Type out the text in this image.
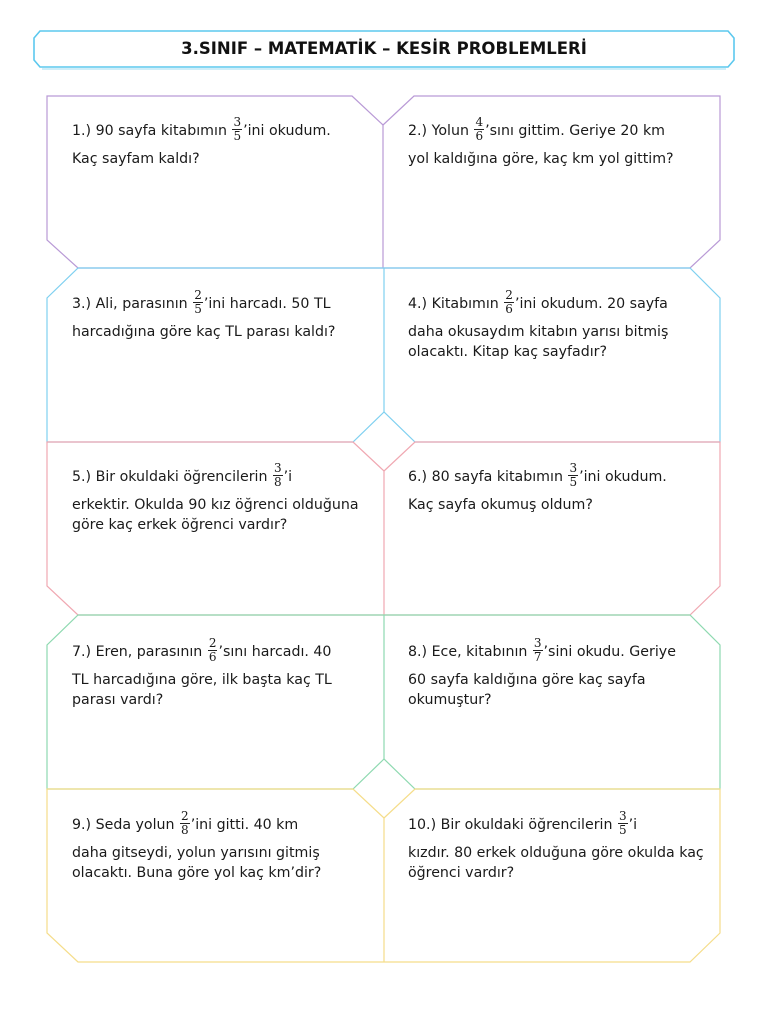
3.SINIF – MATEMATİK – KESİR PROBLEMLERİ
1.) 90 sayfa kitabımın $\frac{3}{5}$ ’ini okudum.
Kaç sayfam kaldı?
2.) Yolun $\frac{4}{6}$ ’sını gittim. Geriye 20 km
yol kaldığına göre, kaç km yol gittim?
3.) Ali, parasının $\frac{2}{5}$ ’ini harcadı. 50 TL
harcadığına göre kaç TL parası kaldı?
4.) Kitabımın $\frac{2}{6}$ ’ini okudum. 20 sayfa
daha okusaydım kitabın yarısı bitmiş olacaktı. Kitap kaç sayfadır?
5.) Bir okuldaki öğrencilerin $\frac{3}{8}$ ’i
erkektir. Okulda 90 kız öğrenci olduğuna göre kaç erkek öğrenci vardır?
6.) 80 sayfa kitabımın $\frac{3}{5}$ ’ini okudum.
Kaç sayfa okumuş oldum?
7.) Eren, parasının $\frac{2}{6}$ ’sını harcadı. 40
TL harcadığına göre, ilk başta kaç TL parası vardı?
8.) Ece, kitabının $\frac{3}{7}$ ’sini okudu. Geriye
60 sayfa kaldığına göre kaç sayfa okumuştur?
9.) Seda yolun $\frac{2}{8}$ ’ini gitti. 40 km
daha gitseydi, yolun yarısını gitmiş olacaktı. Buna göre yol kaç km’dir?
10.) Bir okuldaki öğrencilerin $\frac{3}{5}$ ’i
kızdır. 80 erkek olduğuna göre okulda kaç öğrenci vardır?
